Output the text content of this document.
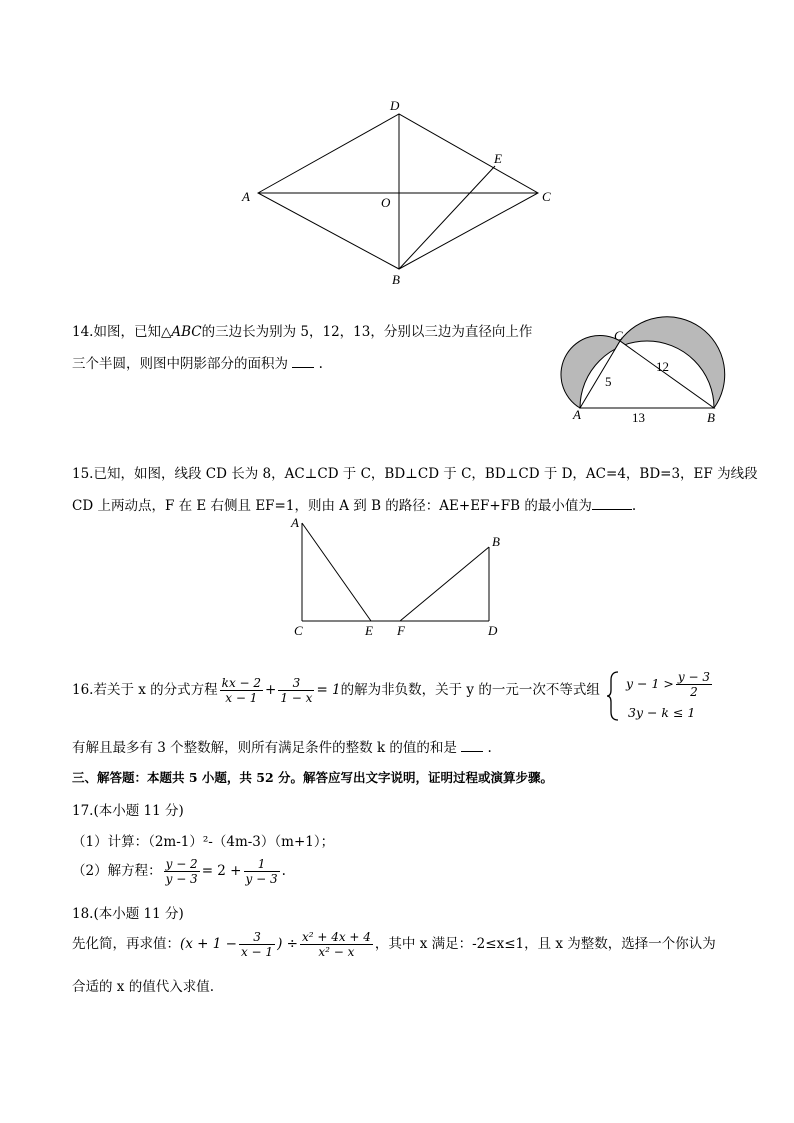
A
D
C
E
O
B
14.如图，已知△ABC的三边长为别为 5，12，13，分别以三边为直径向上作
三个半圆，则图中阴影部分的面积为 .
C
A	B
5
12
13
15.已知，如图，线段 CD 长为 8，AC⊥CD 于 C，BD⊥CD 于 C，BD⊥CD 于 D，AC=4，BD=3，EF 为线段
CD 上两动点，F 在 E 右侧且 EF=1，则由 A 到 B 的路径：AE+EF+FB 的最小值为	.
A
B
C	E F	D
16.若关于 x 的分式方程 $\frac{kx - 2}{x - 1} + \frac{3}{1 - x} = 1$的解为非负数，关于 y 的一元一次不等式组 $y - 1 > \frac{y - 3}{2}$
3y − k ≤ 1
有解且最多有 3 个整数解，则所有满足条件的整数 k 的值的和是 .
三、解答题：本题共 5 小题，共 52 分。解答应写出文字说明，证明过程或演算步骤。
17.(本小题 11 分)
（1）计算：（2m-1）²-（4m-3）（m+1）；
（2）解方程： $\frac{y - 2}{y - 3} = 2 + \frac{1}{y - 3}$ .
18.(本小题 11 分)
先化简，再求值：($x + 1 - \frac{3}{x - 1}$ ) ÷ $\frac{\text{x² + 4x + 4}}{\text{x² − x}}$ ，其中 x 满足：-2≤x≤1，且 x 为整数，选择一个你认为
合适的 x 的值代入求值.
